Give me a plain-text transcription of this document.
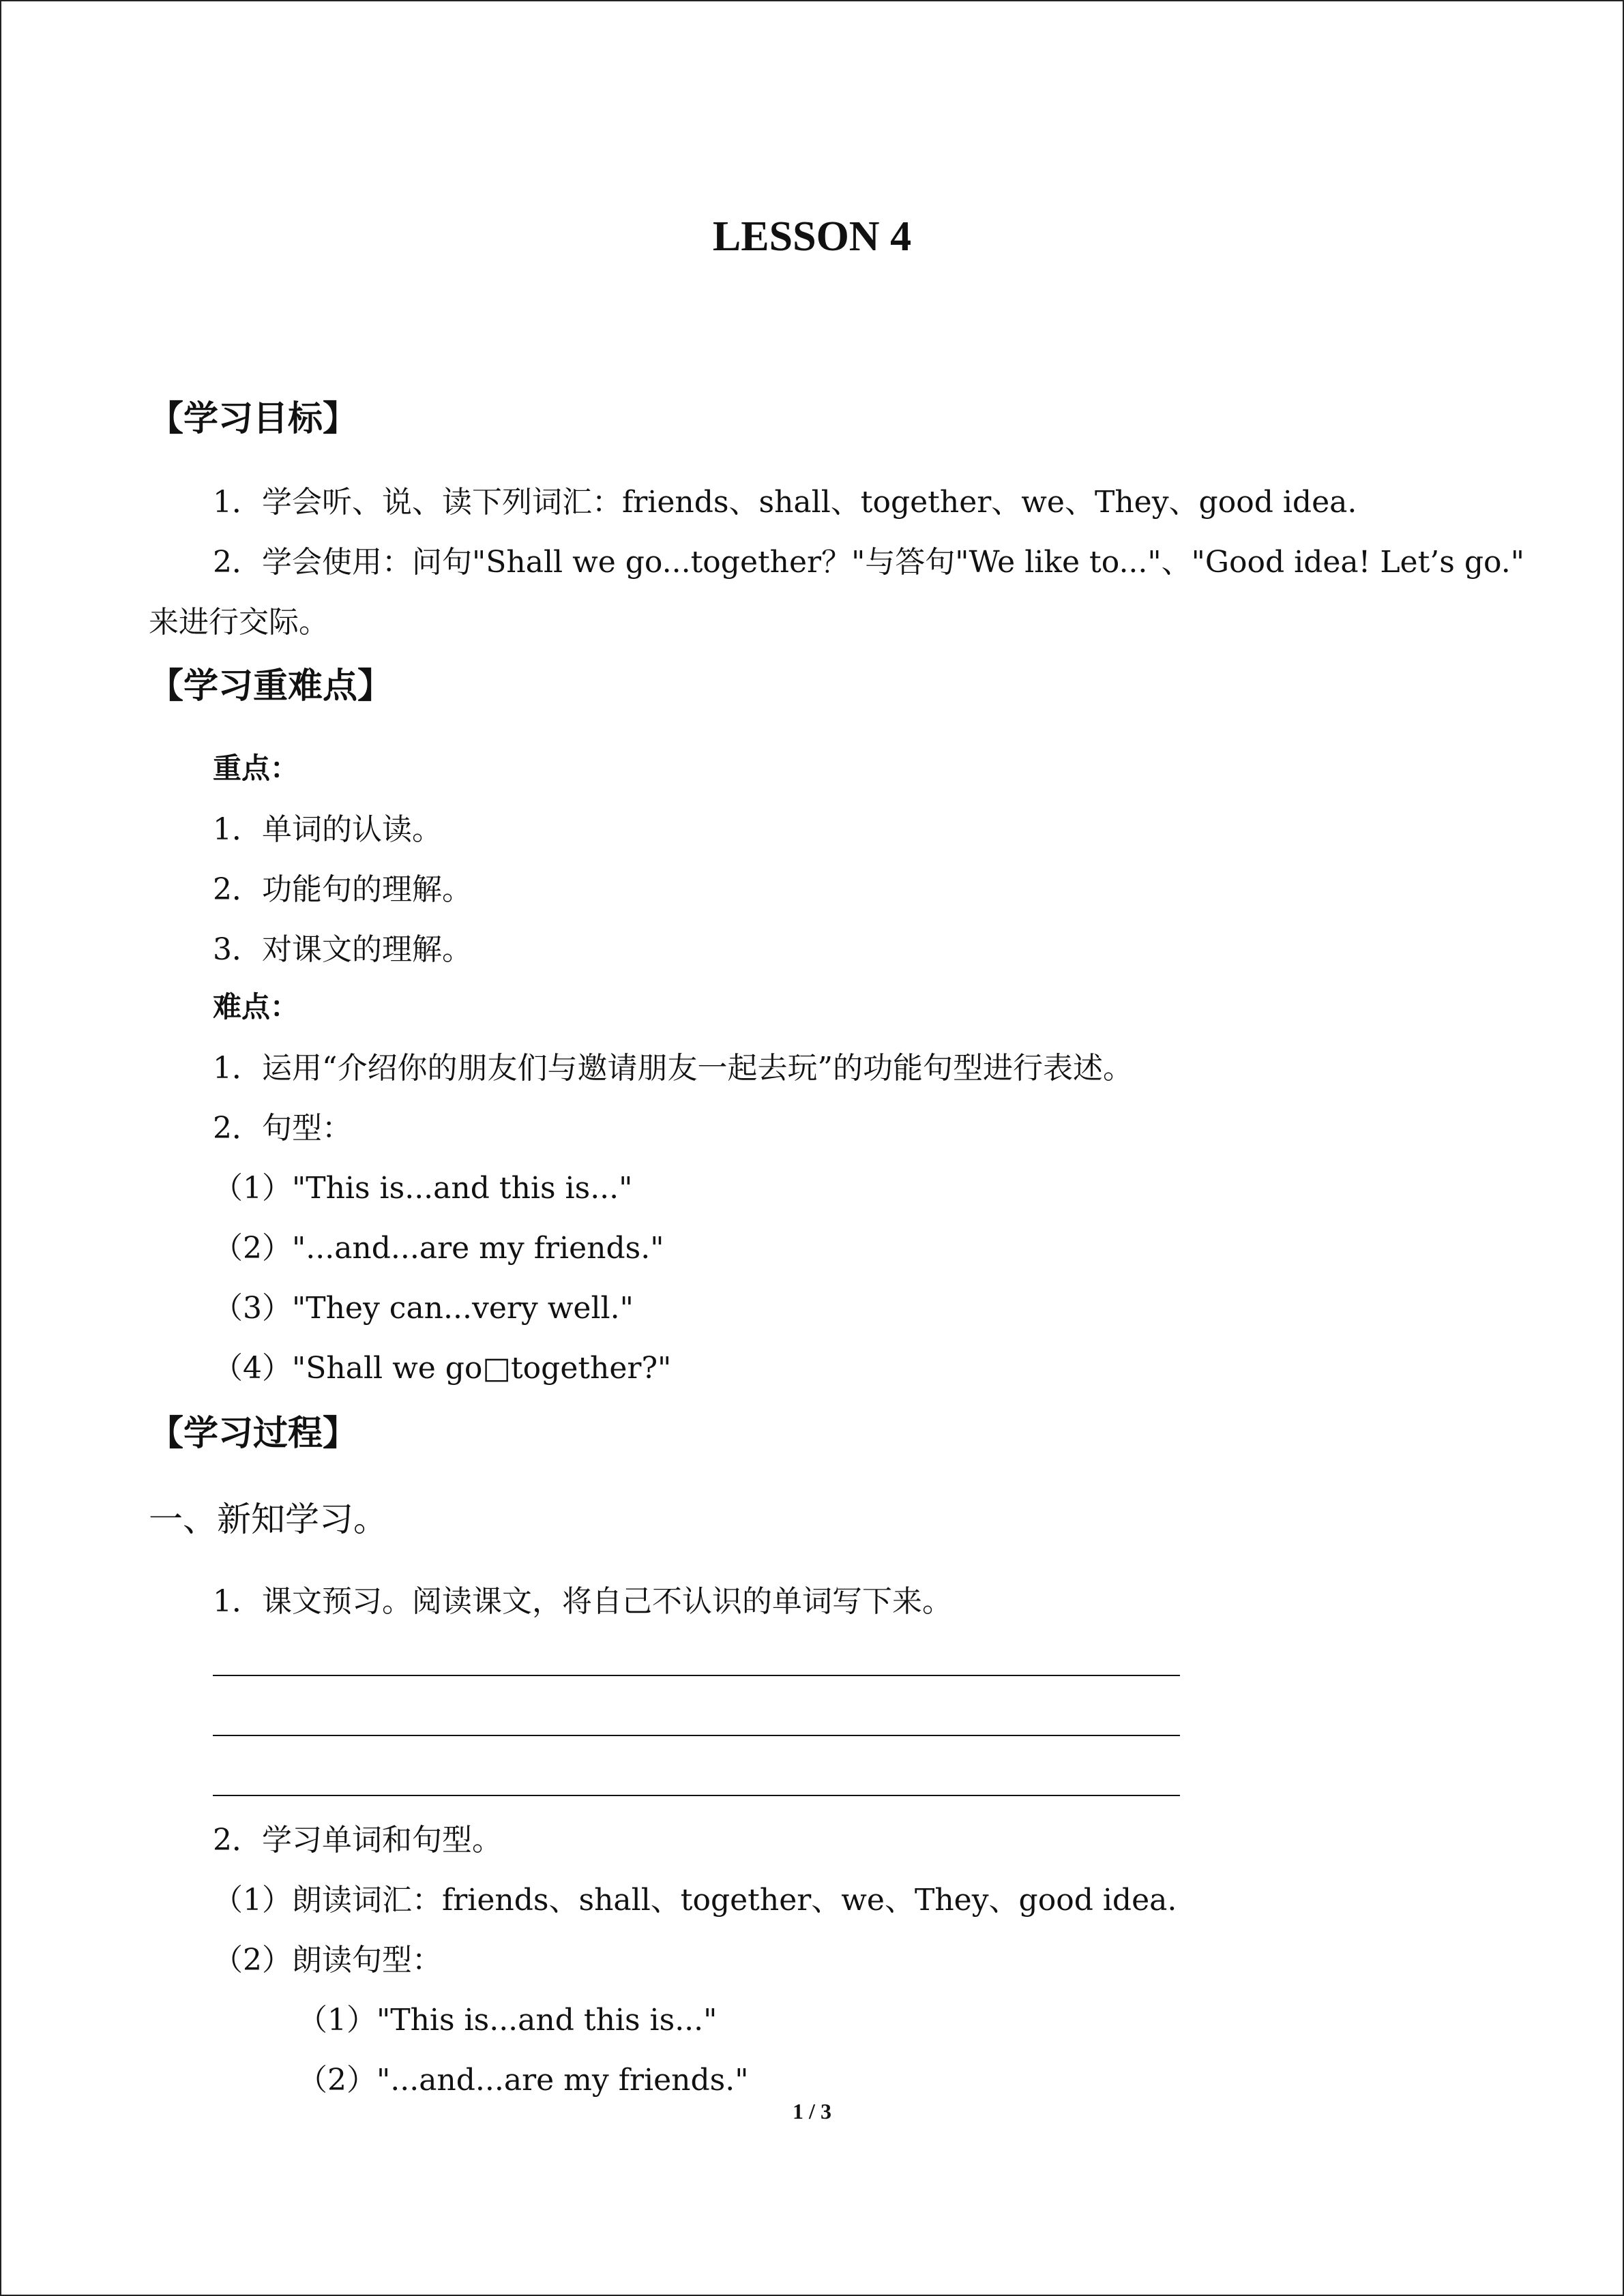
LESSON 4
【学习目标】
1．学会听、说、读下列词汇：friends、shall、together、we、They、good idea.
2．学会使用：问句"Shall we go...together？"与答句"We like to..."、"Good idea! Let’s go."
来进行交际。
【学习重难点】
重点：
1．单词的认读。
2．功能句的理解。
3．对课文的理解。
难点：
1．运用“介绍你的朋友们与邀请朋友一起去玩”的功能句型进行表述。
2．句型：
（1）"This is...and this is..."
（2）"...and...are my friends."
（3）"They can...very well."
（4）"Shall we go□together?"
【学习过程】
一、新知学习。
1．课文预习。阅读课文，将自己不认识的单词写下来。
2．学习单词和句型。
（1）朗读词汇：friends、shall、together、we、They、good idea.
（2）朗读句型：
（1）"This is...and this is..."
（2）"...and...are my friends."
1 / 3
